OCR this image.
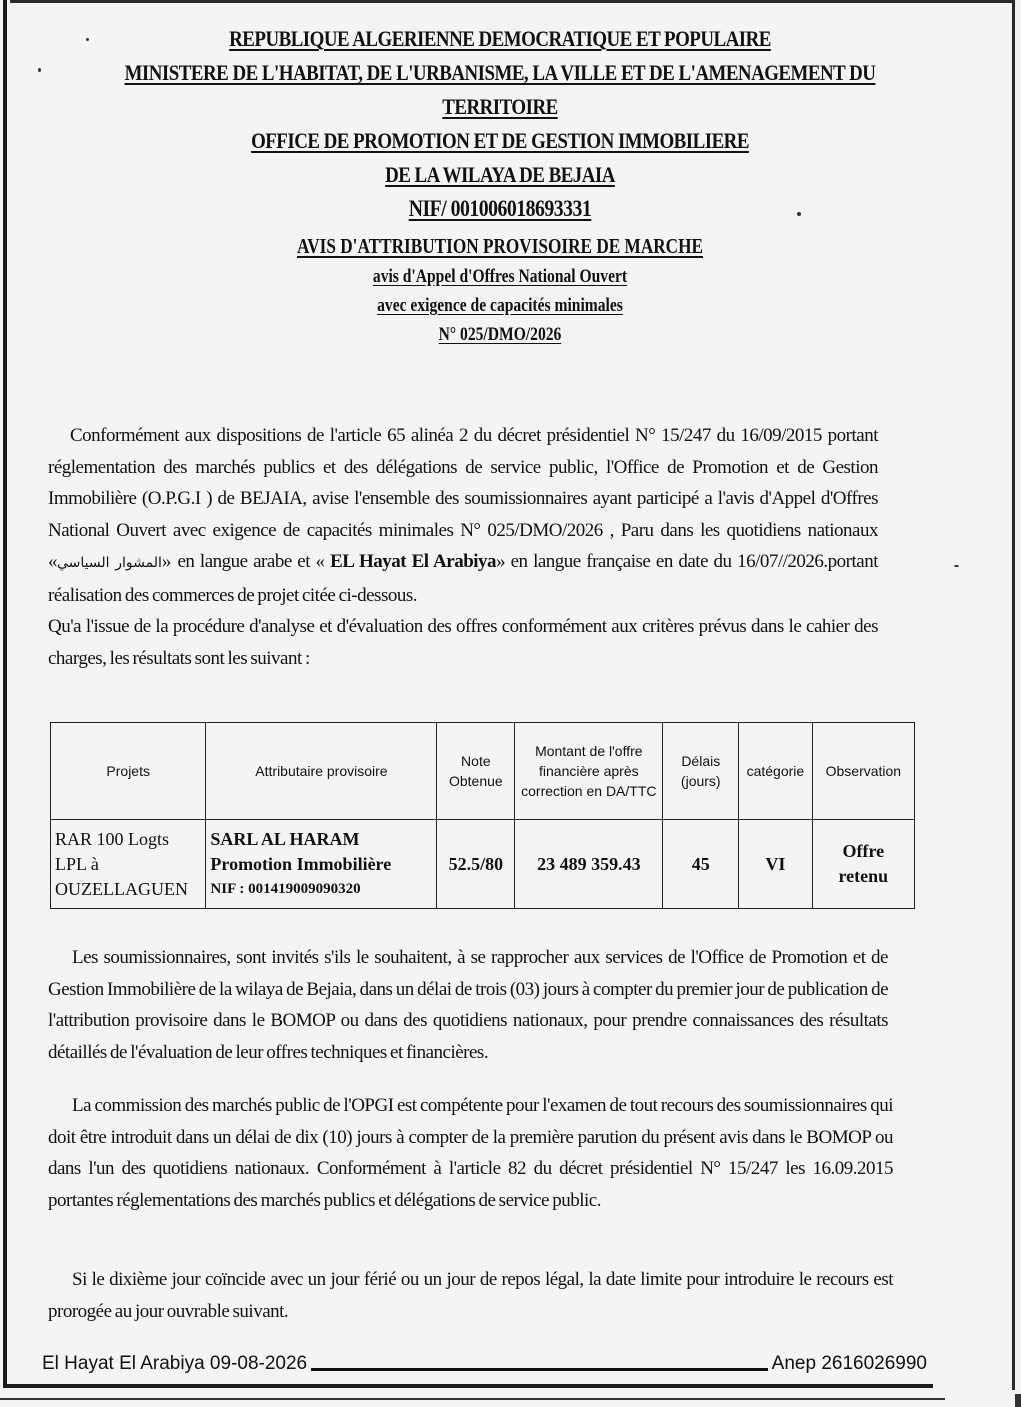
REPUBLIQUE ALGERIENNE DEMOCRATIQUE ET POPULAIRE
MINISTERE DE L'HABITAT, DE L'URBANISME, LA VILLE ET DE L'AMENAGEMENT DU
TERRITOIRE
OFFICE DE PROMOTION ET DE GESTION IMMOBILIERE
DE LA WILAYA DE BEJAIA
NIF/ 001006018693331
AVIS D'ATTRIBUTION PROVISOIRE DE MARCHE
avis d'Appel d'Offres National Ouvert
avec exigence de capacités minimales
N° 025/DMO/2026

Conformément aux dispositions de l'article 65 alinéa 2 du décret présidentiel N° 15/247 du 16/09/2015 portant réglementation des marchés publics et des délégations de service public, l'Office de Promotion et de Gestion Immobilière (O.P.G.I ) de BEJAIA, avise l'ensemble des soumissionnaires ayant participé a l'avis d'Appel d'Offres National Ouvert avec exigence de capacités minimales N° 025/DMO/2026 , Paru dans les quotidiens nationaux «المشوار السياسي» en langue arabe et « EL Hayat El Arabiya» en langue française en date du 16/07//2026.portant réalisation des commerces de projet citée ci-dessous.

Qu'a l'issue de la procédure d'analyse et d'évaluation des offres conformément aux critères prévus dans le cahier des charges, les résultats sont les suivant :

Projets	Attributaire provisoire	Note Obtenue	Montant de l'offre financière après correction en DA/TTC	Délais (jours)	catégorie	Observation
RAR 100 Logts LPL à OUZELLAGUEN	SARL AL HARAM
Promotion Immobilière
NIF : 001419009090320	52.5/80	23 489 359.43	45	VI	Offre retenu
Les soumissionnaires, sont invités s'ils le souhaitent, à se rapprocher aux services de l'Office de Promotion et de Gestion Immobilière de la wilaya de Bejaia, dans un délai de trois (03) jours à compter du premier jour de publication de l'attribution provisoire dans le BOMOP ou dans des quotidiens nationaux, pour prendre connaissances des résultats détaillés de l'évaluation de leur offres techniques et financières.
La commission des marchés public de l'OPGI est compétente pour l'examen de tout recours des soumissionnaires qui doit être introduit dans un délai de dix (10) jours à compter de la première parution du présent avis dans le BOMOP ou dans l'un des quotidiens nationaux. Conformément à l'article 82 du décret présidentiel N° 15/247 les 16.09.2015 portantes réglementations des marchés publics et délégations de service public.
Si le dixième jour coïncide avec un jour férié ou un jour de repos légal, la date limite pour introduire le recours est prorogée au jour ouvrable suivant.
El Hayat El Arabiya 09-08-2026	Anep 2616026990
